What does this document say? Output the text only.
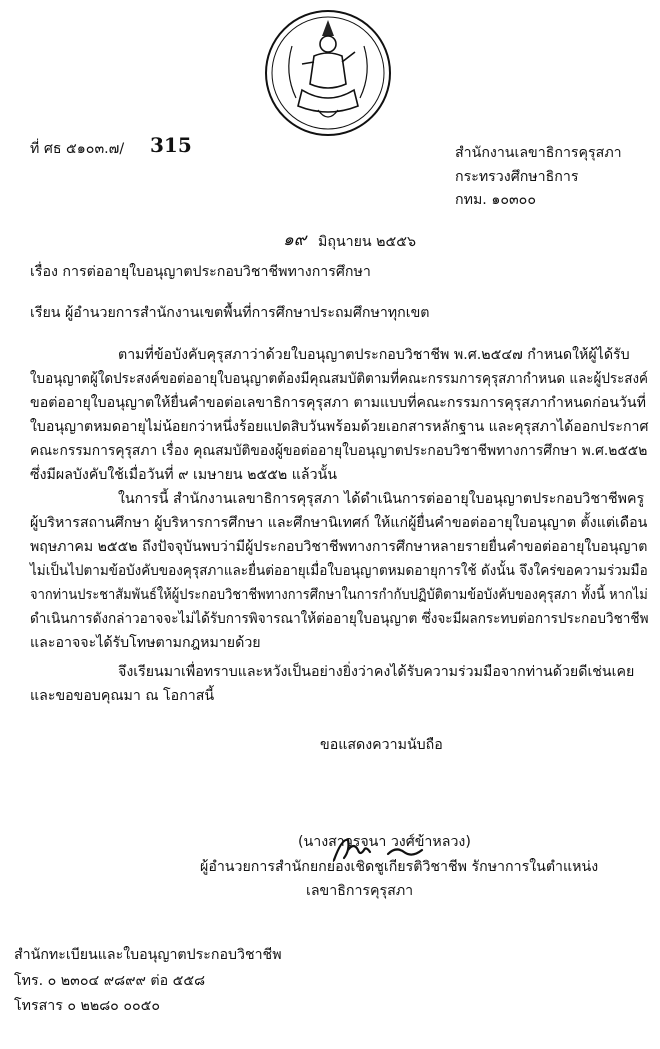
ที่ ศธ ๕๑๐๓.๗/ 315	สำนักงานเลขาธิการคุรุสภา
กระทรวงศึกษาธิการ
กทม. ๑๐๓๐๐
๑๙ มิถุนายน ๒๕๕๖
เรื่อง การต่ออายุใบอนุญาตประกอบวิชาชีพทางการศึกษา
เรียน ผู้อำนวยการสำนักงานเขตพื้นที่การศึกษาประถมศึกษาทุกเขต
ตามที่ข้อบังคับคุรุสภาว่าด้วยใบอนุญาตประกอบวิชาชีพ พ.ศ.๒๕๔๗ กำหนดให้ผู้ได้รับ
ใบอนุญาตผู้ใดประสงค์ขอต่ออายุใบอนุญาตต้องมีคุณสมบัติตามที่คณะกรรมการคุรุสภากำหนด และผู้ประสงค์
ขอต่ออายุใบอนุญาตให้ยื่นคำขอต่อเลขาธิการคุรุสภา ตามแบบที่คณะกรรมการคุรุสภากำหนดก่อนวันที่
ใบอนุญาตหมดอายุไม่น้อยกว่าหนึ่งร้อยแปดสิบวันพร้อมด้วยเอกสารหลักฐาน และคุรุสภาได้ออกประกาศ
คณะกรรมการคุรุสภา เรื่อง คุณสมบัติของผู้ขอต่ออายุใบอนุญาตประกอบวิชาชีพทางการศึกษา พ.ศ.๒๕๕๒
ซึ่งมีผลบังคับใช้เมื่อวันที่ ๙ เมษายน ๒๕๕๒ แล้วนั้น
ในการนี้ สำนักงานเลขาธิการคุรุสภา ได้ดำเนินการต่ออายุใบอนุญาตประกอบวิชาชีพครู
ผู้บริหารสถานศึกษา ผู้บริหารการศึกษา และศึกษานิเทศก์ ให้แก่ผู้ยื่นคำขอต่ออายุใบอนุญาต ตั้งแต่เดือน
พฤษภาคม ๒๕๕๒ ถึงปัจจุบันพบว่ามีผู้ประกอบวิชาชีพทางการศึกษาหลายรายยื่นคำขอต่ออายุใบอนุญาต
ไม่เป็นไปตามข้อบังคับของคุรุสภาและยื่นต่ออายุเมื่อใบอนุญาตหมดอายุการใช้ ดังนั้น จึงใคร่ขอความร่วมมือ
จากท่านประชาสัมพันธ์ให้ผู้ประกอบวิชาชีพทางการศึกษาในการกำกับปฏิบัติตามข้อบังคับของคุรุสภา ทั้งนี้ หากไม่
ดำเนินการดังกล่าวอาจจะไม่ได้รับการพิจารณาให้ต่ออายุใบอนุญาต ซึ่งจะมีผลกระทบต่อการประกอบวิชาชีพ
และอาจจะได้รับโทษตามกฎหมายด้วย
จึงเรียนมาเพื่อทราบและหวังเป็นอย่างยิ่งว่าคงได้รับความร่วมมือจากท่านด้วยดีเช่นเคย
และขอขอบคุณมา ณ โอกาสนี้
ขอแสดงความนับถือ
(นางสาวรจนา วงศ์ข้าหลวง)
ผู้อำนวยการสำนักยกย่องเชิดชูเกียรติวิชาชีพ รักษาการในตำแหน่ง
เลขาธิการคุรุสภา
สำนักทะเบียนและใบอนุญาตประกอบวิชาชีพ
โทร. ๐ ๒๓๐๔ ๙๘๙๙ ต่อ ๕๕๘
โทรสาร ๐ ๒๒๘๐ ๐๐๕๐
